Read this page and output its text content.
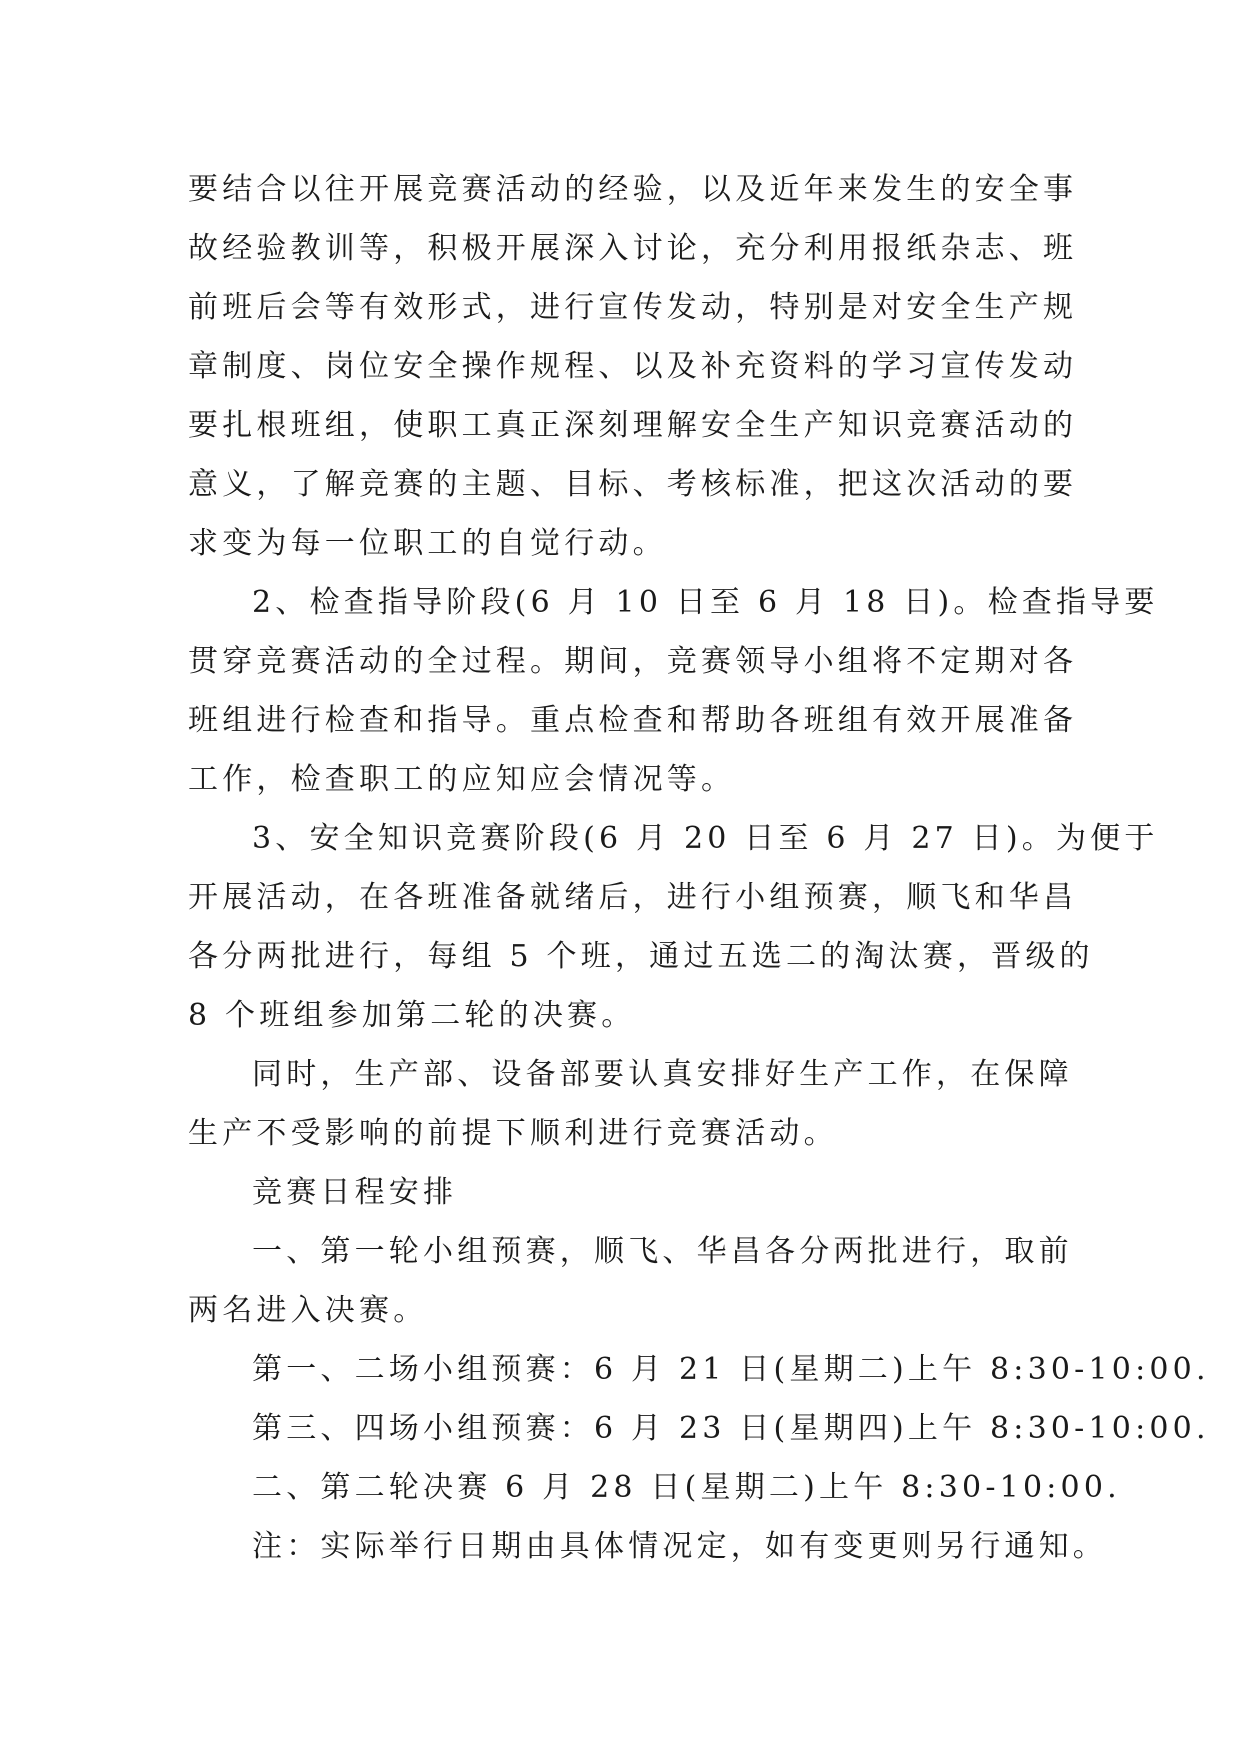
要结合以往开展竞赛活动的经验，以及近年来发生的安全事
故经验教训等，积极开展深入讨论，充分利用报纸杂志、班
前班后会等有效形式，进行宣传发动，特别是对安全生产规
章制度、岗位安全操作规程、以及补充资料的学习宣传发动
要扎根班组，使职工真正深刻理解安全生产知识竞赛活动的
意义，了解竞赛的主题、目标、考核标准，把这次活动的要
求变为每一位职工的自觉行动。

2、检查指导阶段(6 月 10 日至 6 月 18 日)。检查指导要
贯穿竞赛活动的全过程。期间，竞赛领导小组将不定期对各
班组进行检查和指导。重点检查和帮助各班组有效开展准备
工作，检查职工的应知应会情况等。

3、安全知识竞赛阶段(6 月 20 日至 6 月 27 日)。为便于
开展活动，在各班准备就绪后，进行小组预赛，顺飞和华昌
各分两批进行，每组 5 个班，通过五选二的淘汰赛，晋级的
8 个班组参加第二轮的决赛。

同时，生产部、设备部要认真安排好生产工作，在保障
生产不受影响的前提下顺利进行竞赛活动。

竞赛日程安排

一、第一轮小组预赛，顺飞、华昌各分两批进行，取前
两名进入决赛。

第一、二场小组预赛：6 月 21 日(星期二)上午 8:30-10:00.

第三、四场小组预赛：6 月 23 日(星期四)上午 8:30-10:00.

二、第二轮决赛 6 月 28 日(星期二)上午 8:30-10:00.

注：实际举行日期由具体情况定，如有变更则另行通知。
